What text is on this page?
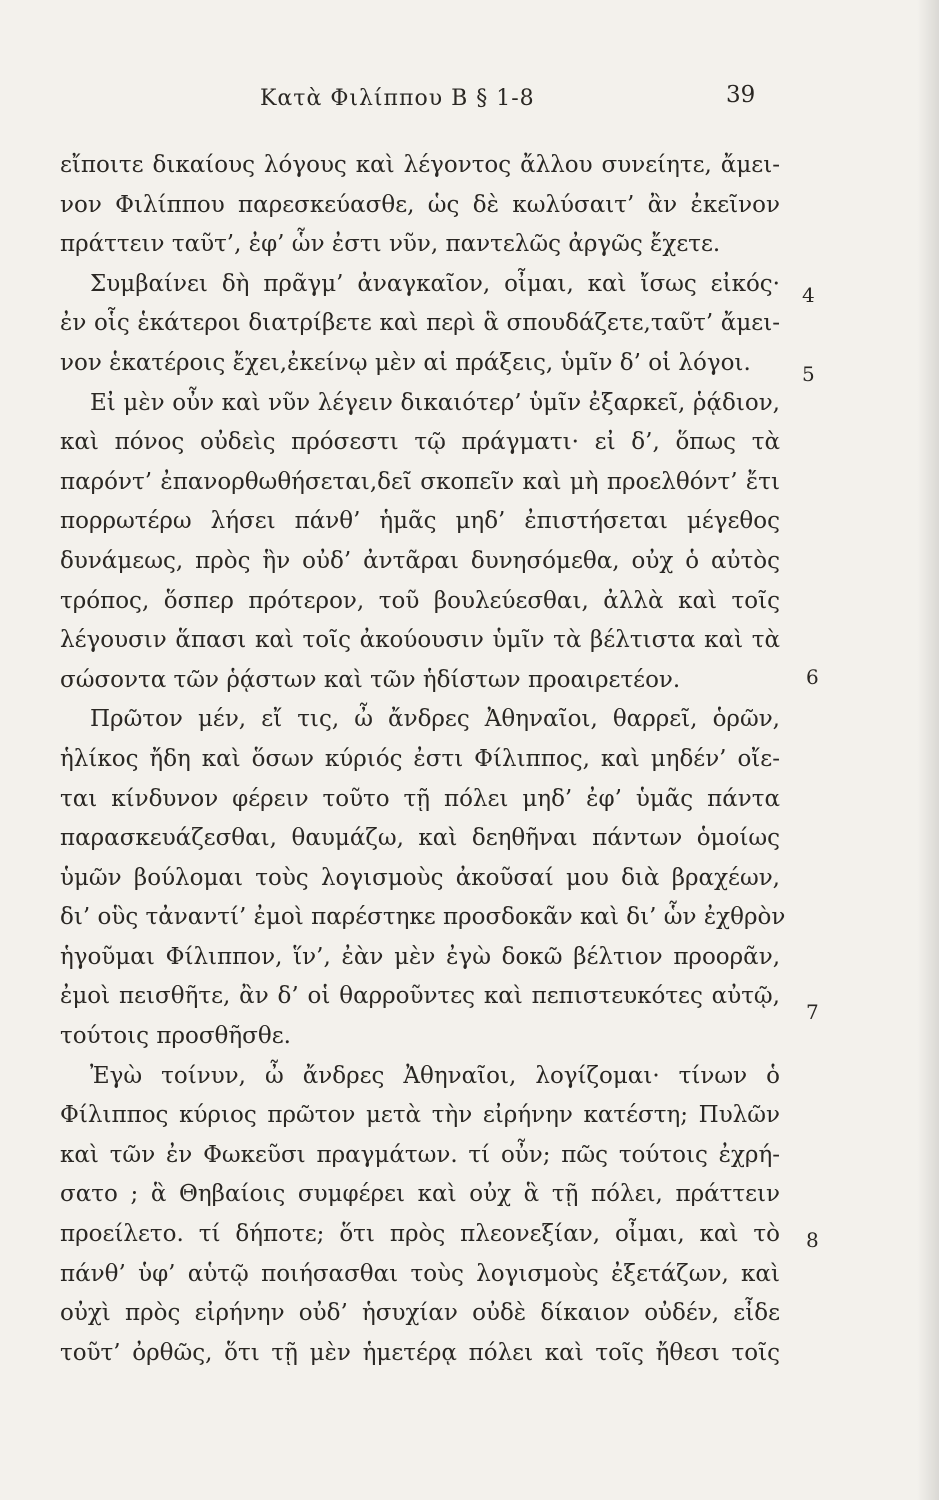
Κατὰ Φιλίππου Β § 1-8	39
εἴποιτε δικαίους λόγους καὶ λέγοντος ἄλλου συνείητε, ἄμει-
νον Φιλίππου παρεσκεύασθε, ὡς δὲ κωλύσαιτ’ ἂν ἐκεῖνον
πράττειν ταῦτ’, ἐφ’ ὧν ἐστι νῦν, παντελῶς ἀργῶς ἔχετε.
Συμβαίνει δὴ πρᾶγμ’ ἀναγκαῖον, οἶμαι, καὶ ἴσως εἰκός·
ἐν οἷς ἑκάτεροι διατρίβετε καὶ περὶ ἃ σπουδάζετε,ταῦτ’ ἄμει-
νον ἑκατέροις ἔχει,ἐκείνῳ μὲν αἱ πράξεις, ὑμῖν δ’ οἱ λόγοι.
Εἰ μὲν οὖν καὶ νῦν λέγειν δικαιότερ’ ὑμῖν ἐξαρκεῖ, ῥᾴδιον,
καὶ πόνος οὐδεὶς πρόσεστι τῷ πράγματι· εἰ δ’, ὅπως τὰ
παρόντ’ ἐπανορθωθήσεται,δεῖ σκοπεῖν καὶ μὴ προελθόντ’ ἔτι
πορρωτέρω λήσει πάνθ’ ἡμᾶς μηδ’ ἐπιστήσεται μέγεθος
δυνάμεως, πρὸς ἣν οὐδ’ ἀντᾶραι δυνησόμεθα, οὐχ ὁ αὐτὸς
τρόπος, ὅσπερ πρότερον, τοῦ βουλεύεσθαι, ἀλλὰ καὶ τοῖς
λέγουσιν ἅπασι καὶ τοῖς ἀκούουσιν ὑμῖν τὰ βέλτιστα καὶ τὰ
σώσοντα τῶν ῥᾴστων καὶ τῶν ἡδίστων προαιρετέον.
Πρῶτον μέν, εἴ τις, ὦ ἄνδρες Ἀθηναῖοι, θαρρεῖ, ὁρῶν,
ἡλίκος ἤδη καὶ ὅσων κύριός ἐστι Φίλιππος, καὶ μηδέν’ οἴε-
ται κίνδυνον φέρειν τοῦτο τῇ πόλει μηδ’ ἐφ’ ὑμᾶς πάντα
παρασκευάζεσθαι, θαυμάζω, καὶ δεηθῆναι πάντων ὁμοίως
ὑμῶν βούλομαι τοὺς λογισμοὺς ἀκοῦσαί μου διὰ βραχέων,
δι’ οὓς τἀναντί’ ἐμοὶ παρέστηκε προσδοκᾶν καὶ δι’ ὧν ἐχθρὸν
ἡγοῦμαι Φίλιππον, ἵν’, ἐὰν μὲν ἐγὼ δοκῶ βέλτιον προορᾶν,
ἐμοὶ πεισθῆτε, ἂν δ’ οἱ θαρροῦντες καὶ πεπιστευκότες αὐτῷ,
τούτοις προσθῆσθε.
Ἐγὼ τοίνυν, ὦ ἄνδρες Ἀθηναῖοι, λογίζομαι· τίνων ὁ
Φίλιππος κύριος πρῶτον μετὰ τὴν εἰρήνην κατέστη; Πυλῶν
καὶ τῶν ἐν Φωκεῦσι πραγμάτων. τί οὖν; πῶς τούτοις ἐχρή-
σατο ; ἃ Θηβαίοις συμφέρει καὶ οὐχ ἃ τῇ πόλει, πράττειν
προείλετο. τί δήποτε; ὅτι πρὸς πλεονεξίαν, οἶμαι, καὶ τὸ
πάνθ’ ὑφ’ αὑτῷ ποιήσασθαι τοὺς λογισμοὺς ἐξετάζων, καὶ
οὐχὶ πρὸς εἰρήνην οὐδ’ ἡσυχίαν οὐδὲ δίκαιον οὐδέν, εἶδε
τοῦτ’ ὀρθῶς, ὅτι τῇ μὲν ἡμετέρᾳ πόλει καὶ τοῖς ἤθεσι τοῖς
4
5
6
7
8
